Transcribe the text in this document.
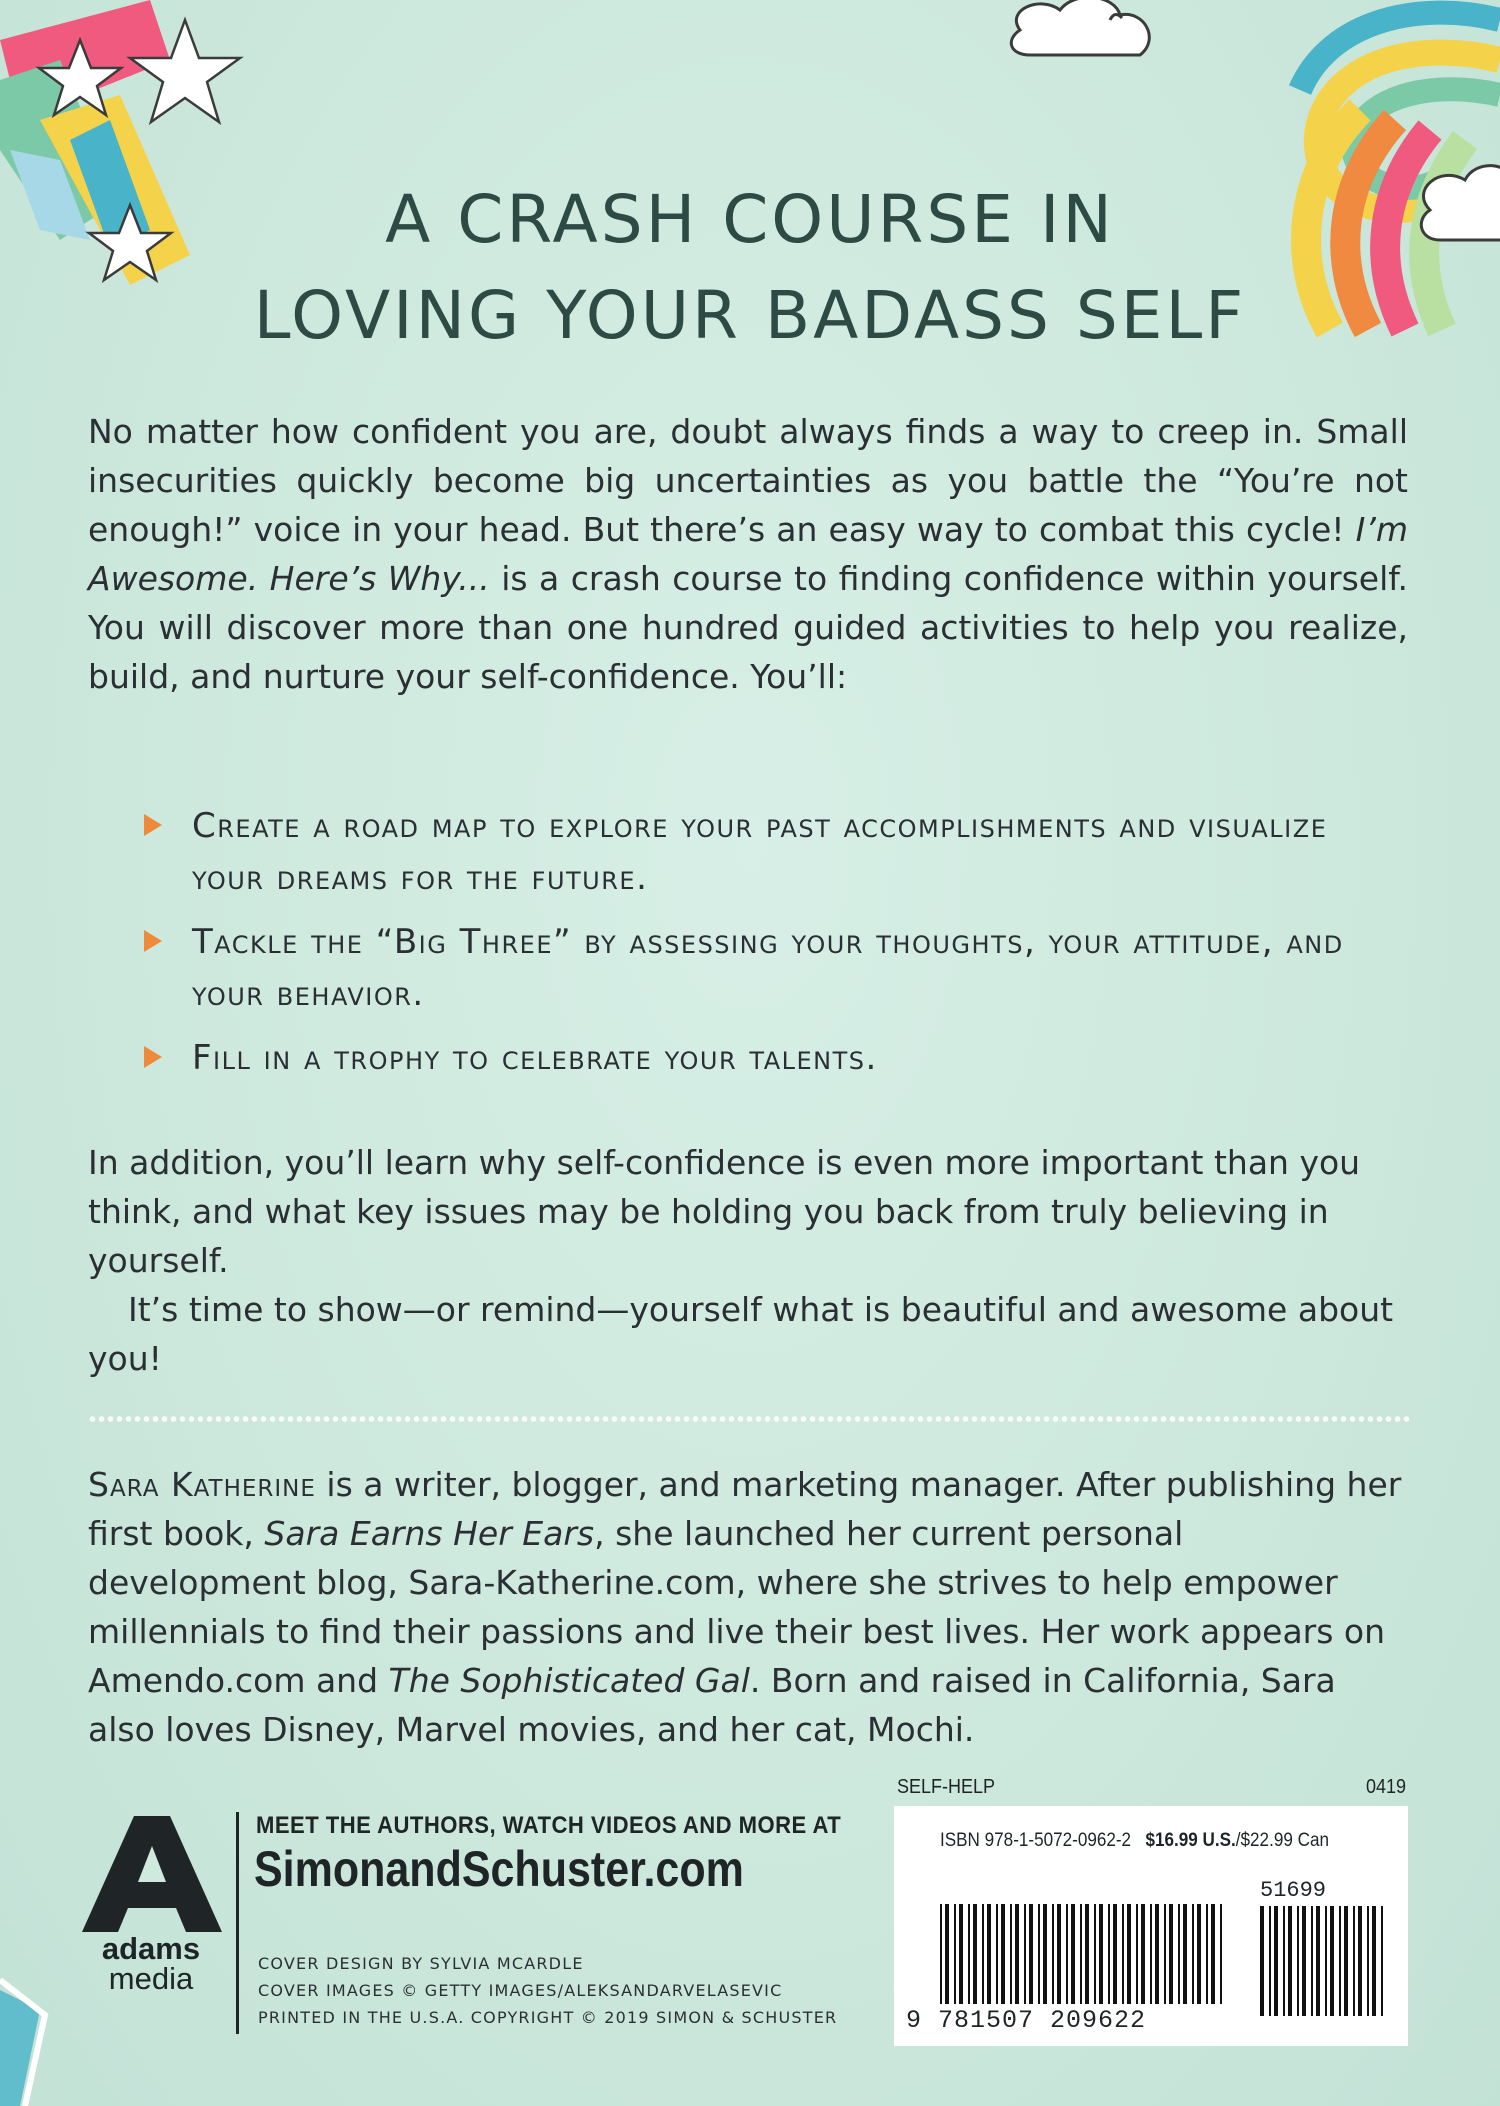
A CRASH COURSE IN
LOVING YOUR BADASS SELF

No matter how confident you are, doubt always finds a way to creep in. Small insecurities quickly become big uncertainties as you battle the “You’re not enough!” voice in your head. But there’s an easy way to combat this cycle! I’m Awesome. Here’s Why... is a crash course to finding confidence within yourself. You will discover more than one hundred guided activities to help you realize, build, and nurture your self-confidence. You’ll:

Create a road map to explore your past accomplishments and visualize your dreams for the future.
Tackle the “Big Three” by assessing your thoughts, your attitude, and your behavior.
Fill in a trophy to celebrate your talents.

In addition, you’ll learn why self-confidence is even more important than you think, and what key issues may be holding you back from truly believing in yourself.

It’s time to show—or remind—yourself what is beautiful and awesome about you!

Sara Katherine is a writer, blogger, and marketing manager. After publishing her first book, Sara Earns Her Ears, she launched her current personal development blog, Sara-Katherine.com, where she strives to help empower millennials to find their passions and live their best lives. Her work appears on Amendo.com and The Sophisticated Gal. Born and raised in California, Sara also loves Disney, Marvel movies, and her cat, Mochi.

adams
media
MEET THE AUTHORS, WATCH VIDEOS AND MORE AT
SimonandSchuster.com
COVER DESIGN BY SYLVIA MCARDLE
COVER IMAGES © GETTY IMAGES/ALEKSANDARVELASEVIC
PRINTED IN THE U.S.A. COPYRIGHT © 2019 SIMON & SCHUSTER
SELF-HELP	0419
ISBN 978-1-5072-0962-2 $16.99 U.S./$22.99 Can
51699
9 781507 209622
